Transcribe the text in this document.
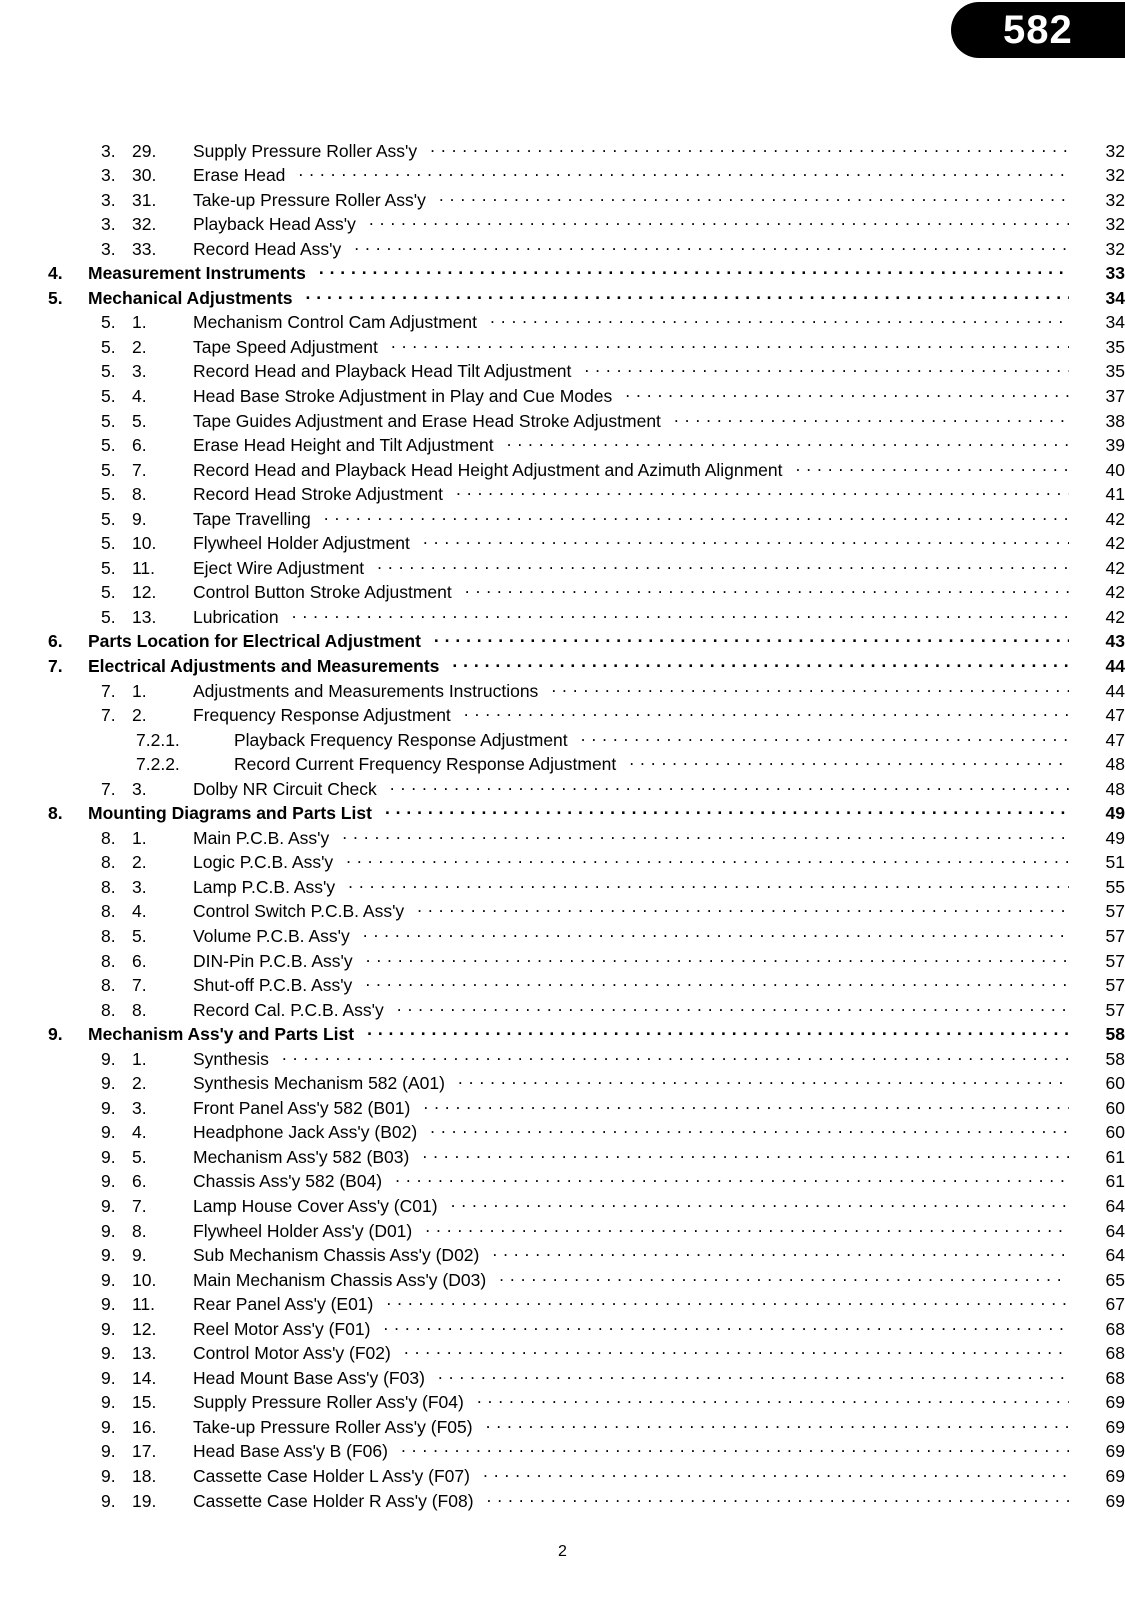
582
3. 29.	Supply Pressure Roller Ass'y . . .	32
3. 30.	Erase Head . . .	32
3. 31.	Take-up Pressure Roller Ass'y . . .	32
3. 32.	Playback Head Ass'y . . .	32
3. 33.	Record Head Ass'y . . .	32
4.	Measurement Instruments . . .	33
5.	Mechanical Adjustments . . .	34
5. 1.	Mechanism Control Cam Adjustment . . .	34
5. 2.	Tape Speed Adjustment . . .	35
5. 3.	Record Head and Playback Head Tilt Adjustment . . .	35
5. 4.	Head Base Stroke Adjustment in Play and Cue Modes . . .	37
5. 5.	Tape Guides Adjustment and Erase Head Stroke Adjustment . . .	38
5. 6.	Erase Head Height and Tilt Adjustment . . .	39
5. 7.	Record Head and Playback Head Height Adjustment and Azimuth Alignment . . .	40
5. 8.	Record Head Stroke Adjustment . . .	41
5. 9.	Tape Travelling . . .	42
5. 10.	Flywheel Holder Adjustment . . .	42
5. 11.	Eject Wire Adjustment . . .	42
5. 12.	Control Button Stroke Adjustment . . .	42
5. 13.	Lubrication . . .	42
6.	Parts Location for Electrical Adjustment . . .	43
7.	Electrical Adjustments and Measurements . . .	44
7. 1.	Adjustments and Measurements Instructions . . .	44
7. 2.	Frequency Response Adjustment . . .	47
7.2.1.	Playback Frequency Response Adjustment . . .	47
7.2.2.	Record Current Frequency Response Adjustment . . .	48
7. 3.	Dolby NR Circuit Check . . .	48
8.	Mounting Diagrams and Parts List . . .	49
8. 1.	Main P.C.B. Ass'y . . .	49
8. 2.	Logic P.C.B. Ass'y . . .	51
8. 3.	Lamp P.C.B. Ass'y . . .	55
8. 4.	Control Switch P.C.B. Ass'y . . .	57
8. 5.	Volume P.C.B. Ass'y . . .	57
8. 6.	DIN-Pin P.C.B. Ass'y . . .	57
8. 7.	Shut-off P.C.B. Ass'y . . .	57
8. 8.	Record Cal. P.C.B. Ass'y . . .	57
9.	Mechanism Ass'y and Parts List . . .	58
9. 1.	Synthesis . . .	58
9. 2.	Synthesis Mechanism 582 (A01) . . .	60
9. 3.	Front Panel Ass'y 582 (B01) . . .	60
9. 4.	Headphone Jack Ass'y (B02) . . .	60
9. 5.	Mechanism Ass'y 582 (B03) . . .	61
9. 6.	Chassis Ass'y 582 (B04) . . .	61
9. 7.	Lamp House Cover Ass'y (C01) . . .	64
9. 8.	Flywheel Holder Ass'y (D01) . . .	64
9. 9.	Sub Mechanism Chassis Ass'y (D02) . . .	64
9. 10.	Main Mechanism Chassis Ass'y (D03) . . .	65
9. 11.	Rear Panel Ass'y (E01) . . .	67
9. 12.	Reel Motor Ass'y (F01) . . .	68
9. 13.	Control Motor Ass'y (F02) . . .	68
9. 14.	Head Mount Base Ass'y (F03) . . .	68
9. 15.	Supply Pressure Roller Ass'y (F04) . . .	69
9. 16.	Take-up Pressure Roller Ass'y (F05) . . .	69
9. 17.	Head Base Ass'y B (F06) . . .	69
9. 18.	Cassette Case Holder L Ass'y (F07) . . .	69
9. 19.	Cassette Case Holder R Ass'y (F08) . . .	69
2
